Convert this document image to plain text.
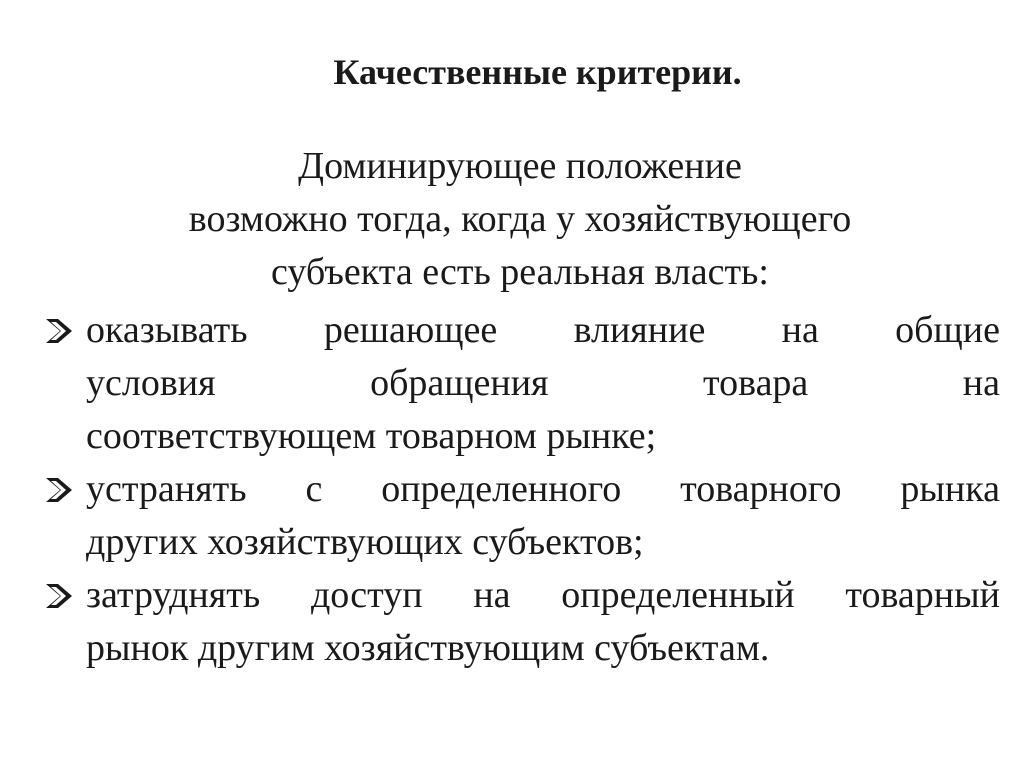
Качественные критерии.
Доминирующее положение
возможно тогда, когда у хозяйствующего
субъекта есть реальная власть:
оказывать решающее влияние на общие
условия	обращения	товара	на
соответствующем товарном рынке;
устранять с определенного товарного рынка
других хозяйствующих субъектов;
затруднять доступ на определенный товарный
рынок другим хозяйствующим субъектам.
